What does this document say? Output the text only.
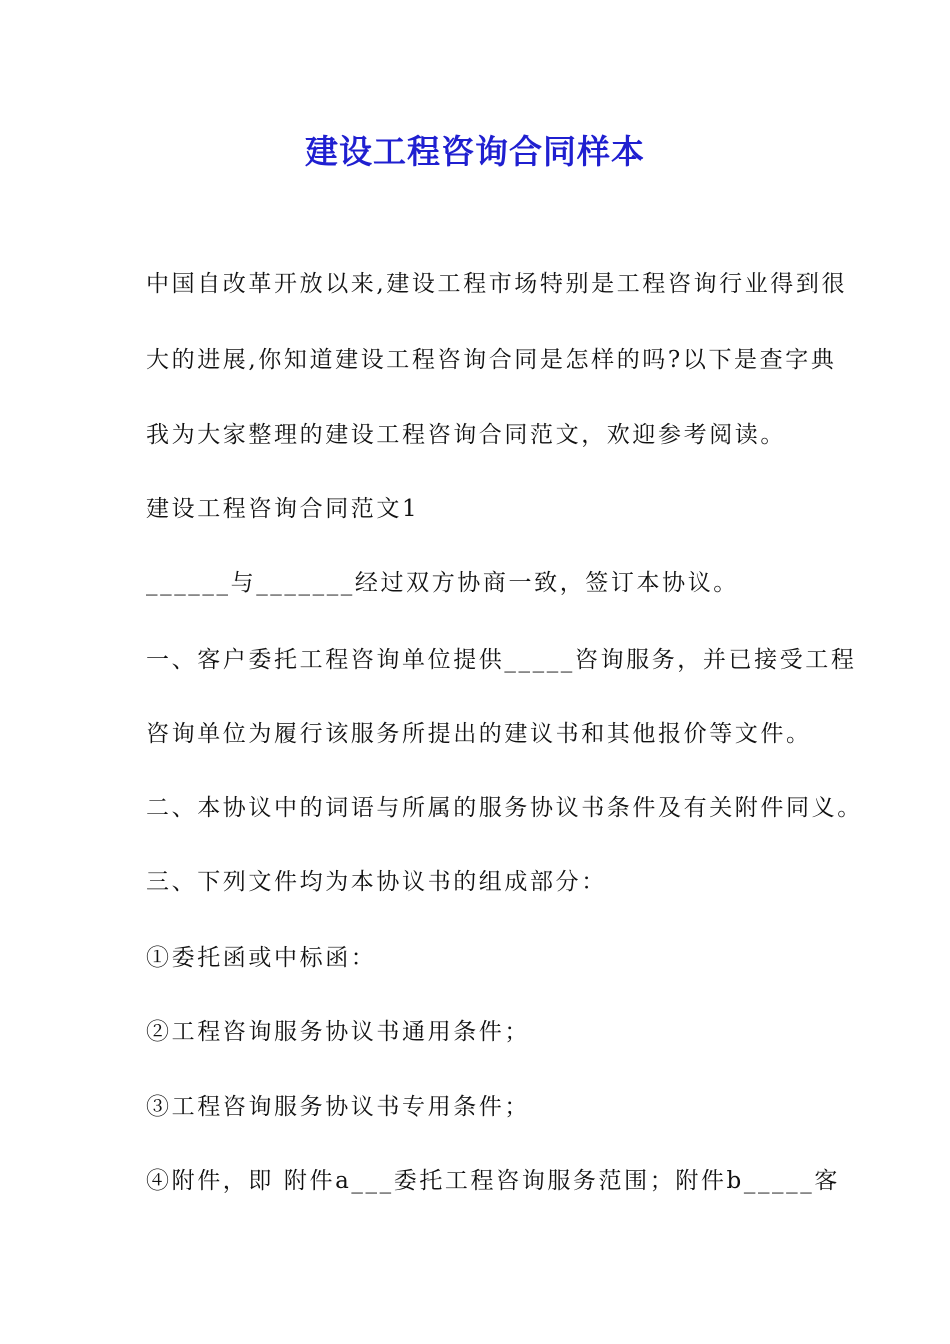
建设工程咨询合同样本

中国自改革开放以来,建设工程市场特别是工程咨询行业得到很

大的进展,你知道建设工程咨询合同是怎样的吗?以下是查字典

我为大家整理的建设工程咨询合同范文，欢迎参考阅读。

建设工程咨询合同范文1

______与_______经过双方协商一致，签订本协议。

一、客户委托工程咨询单位提供_____咨询服务，并已接受工程

咨询单位为履行该服务所提出的建议书和其他报价等文件。

二、本协议中的词语与所属的服务协议书条件及有关附件同义。

三、下列文件均为本协议书的组成部分：

①委托函或中标函：

②工程咨询服务协议书通用条件；

③工程咨询服务协议书专用条件；

④附件，即 附件a___委托工程咨询服务范围；附件b_____客
